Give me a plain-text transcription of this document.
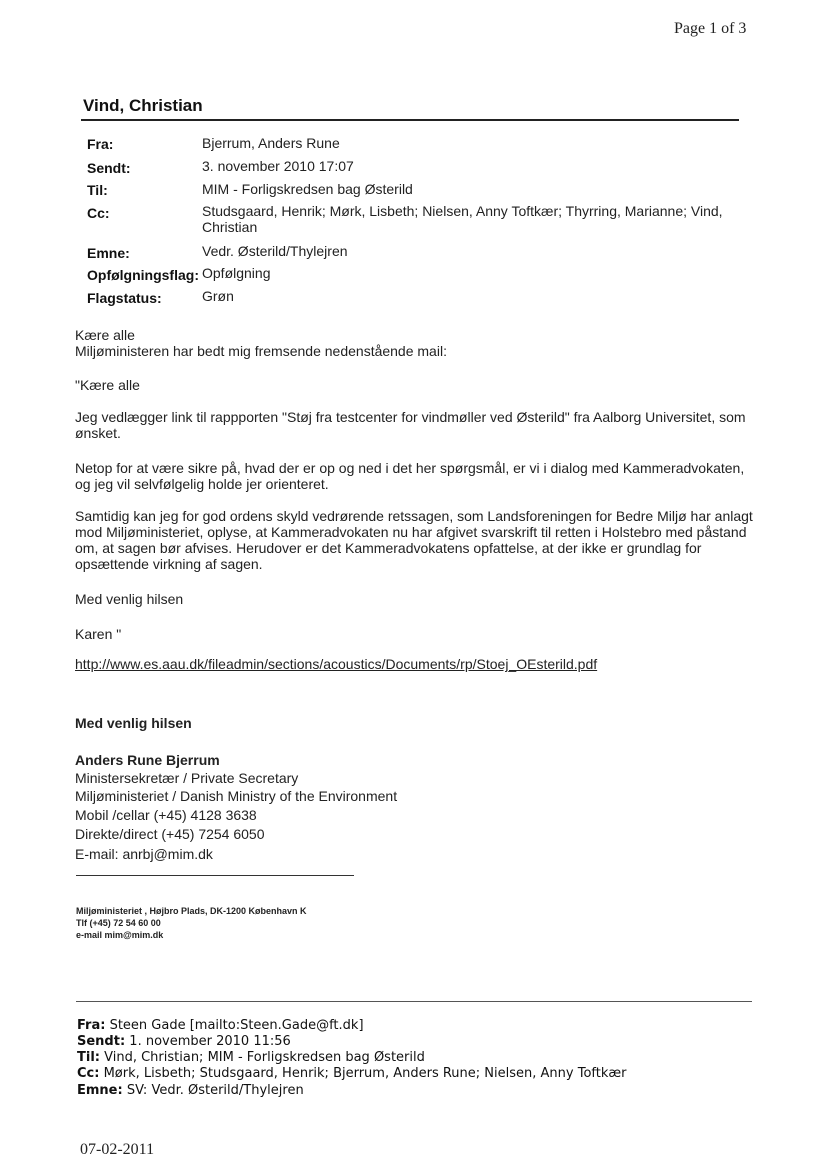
Page 1 of 3
Vind, Christian
Fra:	Bjerrum, Anders Rune
Sendt:	3. november 2010 17:07
Til:	MIM - Forligskredsen bag Østerild
Cc:	Studsgaard, Henrik; Mørk, Lisbeth; Nielsen, Anny Toftkær; Thyrring, Marianne; Vind, Christian
Emne:	Vedr. Østerild/Thylejren
Opfølgningsflag: Opfølgning
Flagstatus:	Grøn
Kære alle
Miljøministeren har bedt mig fremsende nedenstående mail:
"Kære alle
Jeg vedlægger link til rappporten "Støj fra testcenter for vindmøller ved Østerild" fra Aalborg Universitet, som ønsket.
Netop for at være sikre på, hvad der er op og ned i det her spørgsmål, er vi i dialog med Kammeradvokaten, og jeg vil selvfølgelig holde jer orienteret.
Samtidig kan jeg for god ordens skyld vedrørende retssagen, som Landsforeningen for Bedre Miljø har anlagt mod Miljøministeriet, oplyse, at Kammeradvokaten nu har afgivet svarskrift til retten i Holstebro med påstand om, at sagen bør afvises. Herudover er det Kammeradvokatens opfattelse, at der ikke er grundlag for opsættende virkning af sagen.
Med venlig hilsen
Karen "
http://www.es.aau.dk/fileadmin/sections/acoustics/Documents/rp/Stoej_OEsterild.pdf
Med venlig hilsen
Anders Rune Bjerrum
Ministersekretær / Private Secretary
Miljøministeriet / Danish Ministry of the Environment
Mobil /cellar (+45) 4128 3638
Direkte/direct (+45) 7254 6050
E-mail: anrbj@mim.dk
Miljøministeriet , Højbro Plads, DK-1200 København K
Tlf (+45) 72 54 60 00
e-mail mim@mim.dk
Fra: Steen Gade [mailto:Steen.Gade@ft.dk]
Sendt: 1. november 2010 11:56
Til: Vind, Christian; MIM - Forligskredsen bag Østerild
Cc: Mørk, Lisbeth; Studsgaard, Henrik; Bjerrum, Anders Rune; Nielsen, Anny Toftkær
Emne: SV: Vedr. Østerild/Thylejren
07-02-2011
